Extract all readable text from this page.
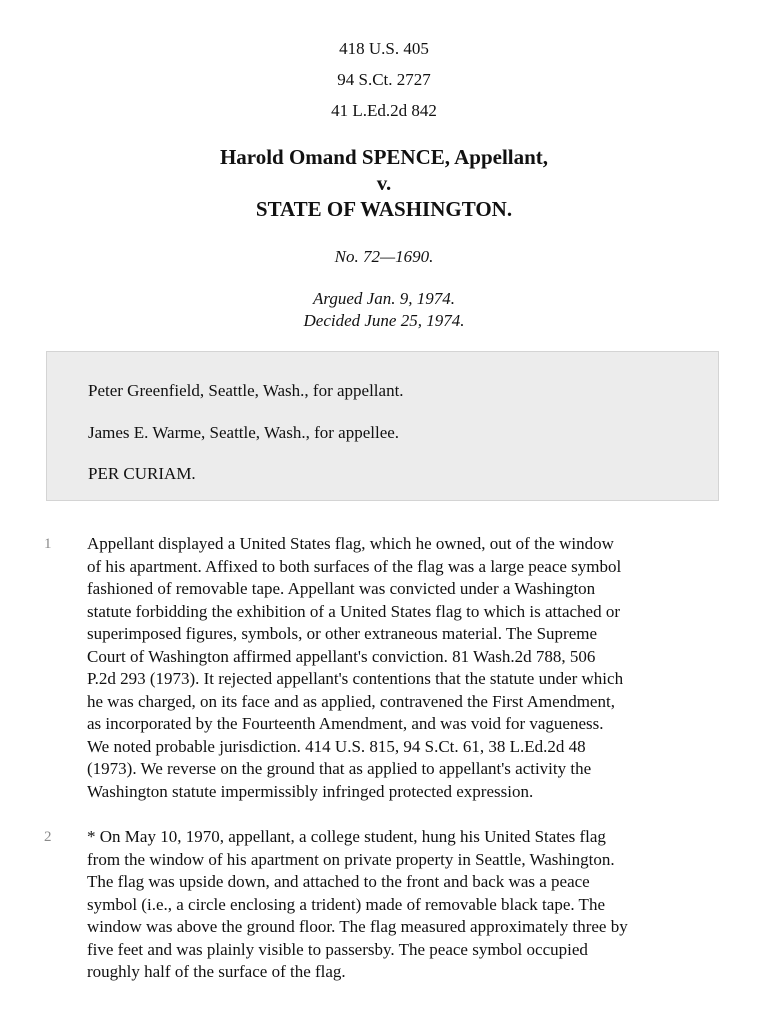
418 U.S. 405
94 S.Ct. 2727
41 L.Ed.2d 842
Harold Omand SPENCE, Appellant,
v.
STATE OF WASHINGTON.
No. 72—1690.
Argued Jan. 9, 1974.
Decided June 25, 1974.
Peter Greenfield, Seattle, Wash., for appellant.
James E. Warme, Seattle, Wash., for appellee.
PER CURIAM.
1 Appellant displayed a United States flag, which he owned, out of the window
of his apartment. Affixed to both surfaces of the flag was a large peace symbol
fashioned of removable tape. Appellant was convicted under a Washington
statute forbidding the exhibition of a United States flag to which is attached or
superimposed figures, symbols, or other extraneous material. The Supreme
Court of Washington affirmed appellant's conviction. 81 Wash.2d 788, 506
P.2d 293 (1973). It rejected appellant's contentions that the statute under which
he was charged, on its face and as applied, contravened the First Amendment,
as incorporated by the Fourteenth Amendment, and was void for vagueness.
We noted probable jurisdiction. 414 U.S. 815, 94 S.Ct. 61, 38 L.Ed.2d 48
(1973). We reverse on the ground that as applied to appellant's activity the
Washington statute impermissibly infringed protected expression.
2 * On May 10, 1970, appellant, a college student, hung his United States flag
from the window of his apartment on private property in Seattle, Washington.
The flag was upside down, and attached to the front and back was a peace
symbol (i.e., a circle enclosing a trident) made of removable black tape. The
window was above the ground floor. The flag measured approximately three by
five feet and was plainly visible to passersby. The peace symbol occupied
roughly half of the surface of the flag.
